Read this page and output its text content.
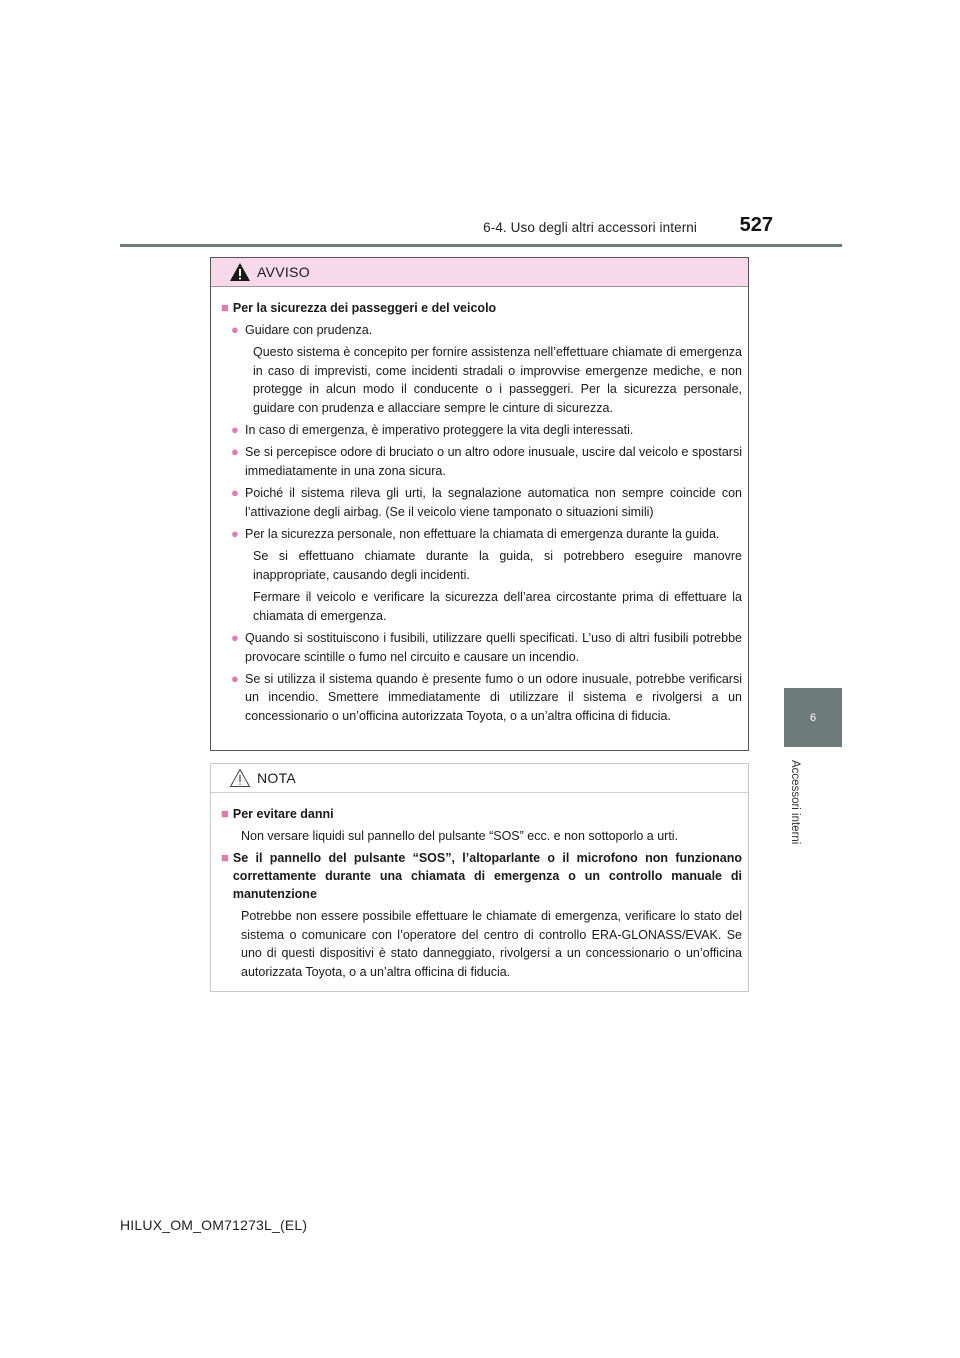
6-4. Uso degli altri accessori interni 527
6
Accessori interni
AVVISO
■ Per la sicurezza dei passeggeri e del veicolo
● Guidare con prudenza.

Questo sistema è concepito per fornire assistenza nell’effettuare chiamate di emergenza in caso di imprevisti, come incidenti stradali o improvvise emergenze mediche, e non protegge in alcun modo il conducente o i passeggeri. Per la sicurezza personale, guidare con prudenza e allacciare sempre le cinture di sicurezza.

● In caso di emergenza, è imperativo proteggere la vita degli interessati.
● Se si percepisce odore di bruciato o un altro odore inusuale, uscire dal veicolo e spostarsi immediatamente in una zona sicura.
● Poiché il sistema rileva gli urti, la segnalazione automatica non sempre coincide con l’attivazione degli airbag. (Se il veicolo viene tamponato o situazioni simili)
● Per la sicurezza personale, non effettuare la chiamata di emergenza durante la guida.

Se si effettuano chiamate durante la guida, si potrebbero eseguire manovre inappropriate, causando degli incidenti.

Fermare il veicolo e verificare la sicurezza dell’area circostante prima di effettuare la chiamata di emergenza.

● Quando si sostituiscono i fusibili, utilizzare quelli specificati. L’uso di altri fusibili potrebbe provocare scintille o fumo nel circuito e causare un incendio.
● Se si utilizza il sistema quando è presente fumo o un odore inusuale, potrebbe verificarsi un incendio. Smettere immediatamente di utilizzare il sistema e rivolgersi a un concessionario o un’officina autorizzata Toyota, o a un’altra officina di fiducia.
NOTA
■ Per evitare danni

Non versare liquidi sul pannello del pulsante “SOS” ecc. e non sottoporlo a urti.

■ Se il pannello del pulsante “SOS”, l’altoparlante o il microfono non funzionano correttamente durante una chiamata di emergenza o un controllo manuale di manutenzione

Potrebbe non essere possibile effettuare le chiamate di emergenza, verificare lo stato del sistema o comunicare con l’operatore del centro di controllo ERA-GLONASS/EVAK. Se uno di questi dispositivi è stato danneggiato, rivolgersi a un concessionario o un’officina autorizzata Toyota, o a un’altra officina di fiducia.

HILUX_OM_OM71273L_(EL)
